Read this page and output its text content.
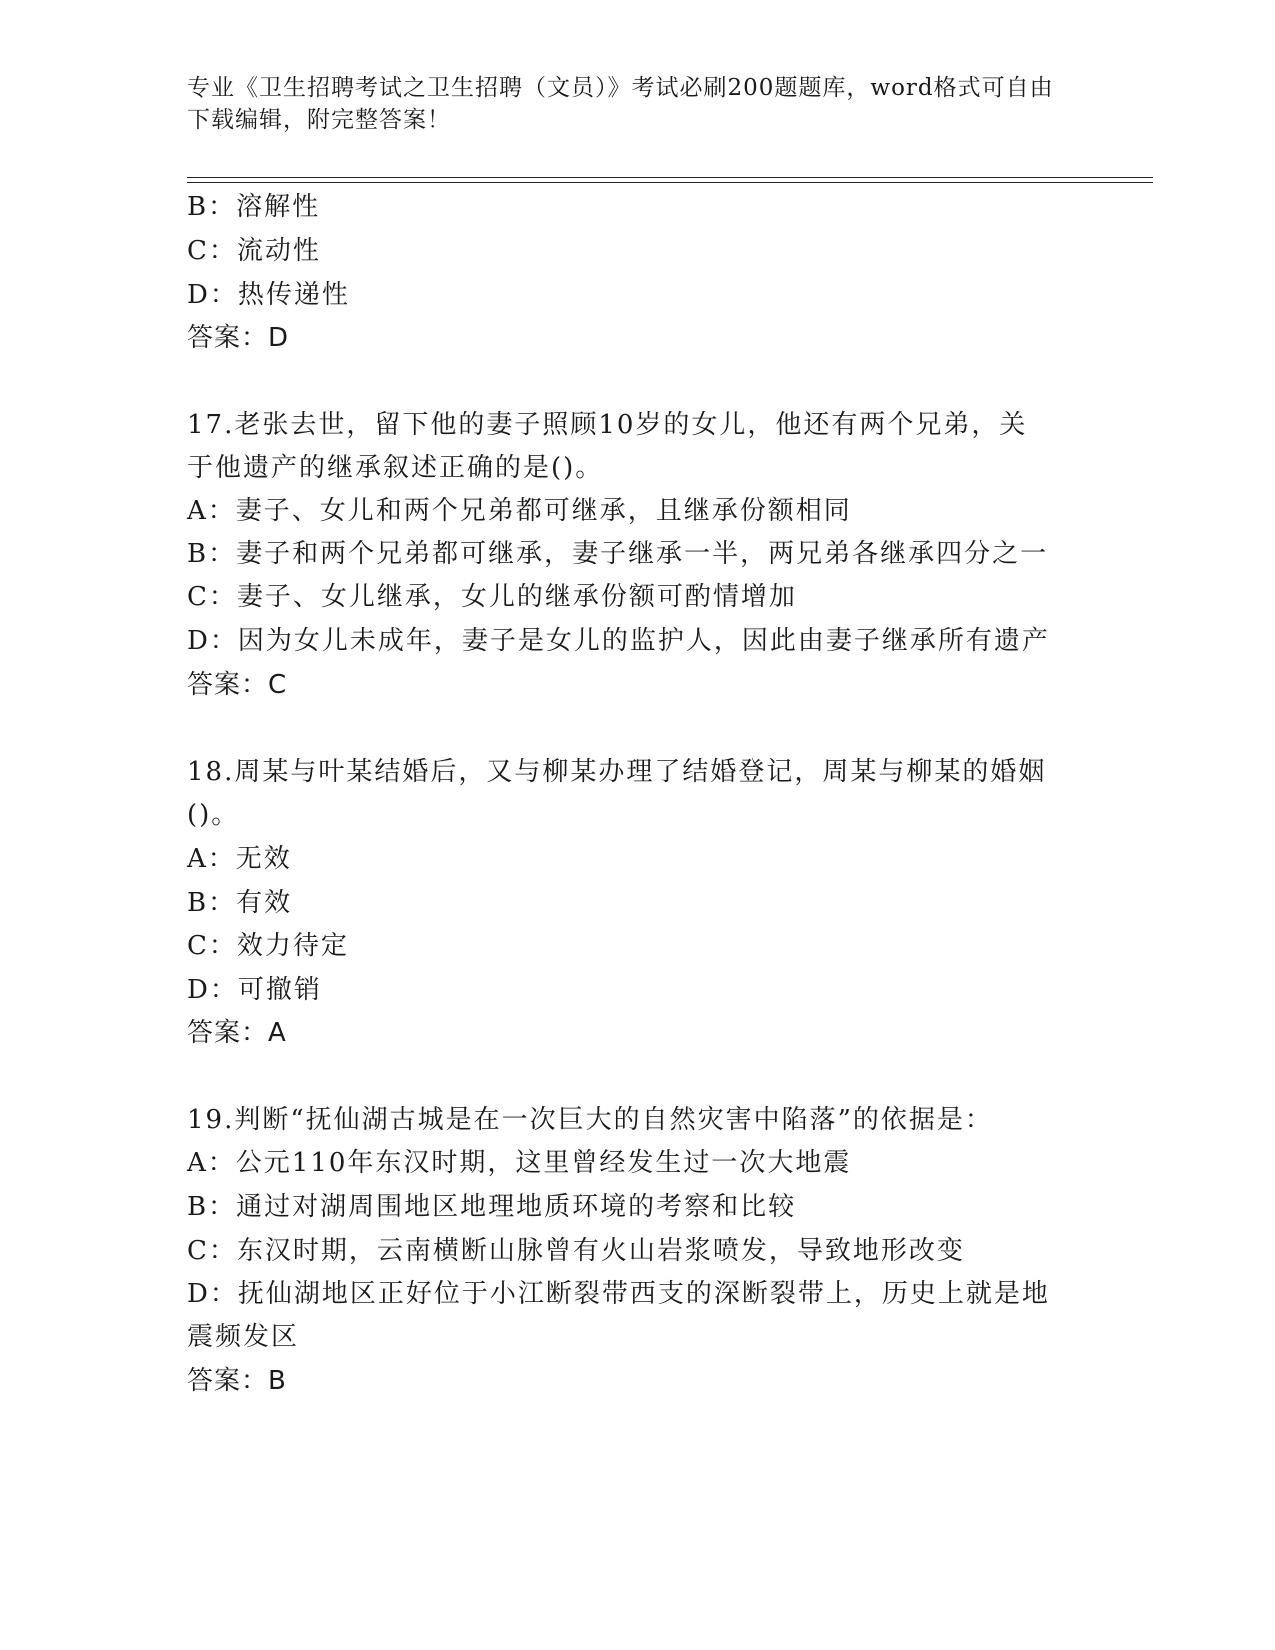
专业《卫生招聘考试之卫生招聘（文员）》考试必刷200题题库，word格式可自由下载编辑，附完整答案！
B：溶解性
C：流动性
D：热传递性
答案：D
17.老张去世，留下他的妻子照顾10岁的女儿，他还有两个兄弟，关
于他遗产的继承叙述正确的是()。
A：妻子、女儿和两个兄弟都可继承，且继承份额相同
B：妻子和两个兄弟都可继承，妻子继承一半，两兄弟各继承四分之一
C：妻子、女儿继承，女儿的继承份额可酌情增加
D：因为女儿未成年，妻子是女儿的监护人，因此由妻子继承所有遗产
答案：C
18.周某与叶某结婚后，又与柳某办理了结婚登记，周某与柳某的婚姻
()。
A：无效
B：有效
C：效力待定
D：可撤销
答案：A
19.判断“抚仙湖古城是在一次巨大的自然灾害中陷落”的依据是：
A：公元110年东汉时期，这里曾经发生过一次大地震
B：通过对湖周围地区地理地质环境的考察和比较
C：东汉时期，云南横断山脉曾有火山岩浆喷发，导致地形改变
D：抚仙湖地区正好位于小江断裂带西支的深断裂带上，历史上就是地
震频发区
答案：B
